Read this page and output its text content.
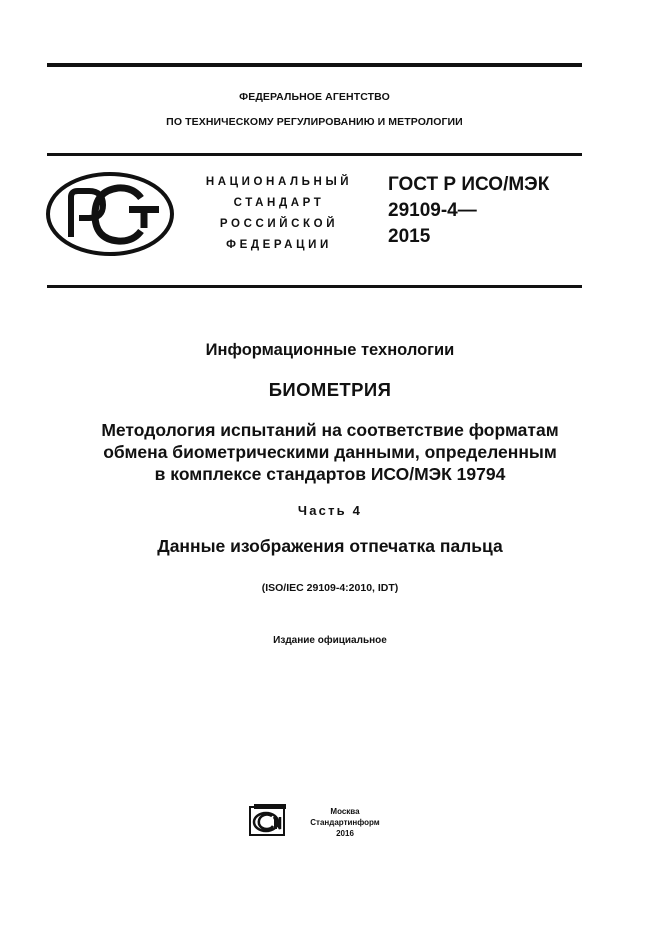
ФЕДЕРАЛЬНОЕ АГЕНТСТВО
ПО ТЕХНИЧЕСКОМУ РЕГУЛИРОВАНИЮ И МЕТРОЛОГИИ
НАЦИОНАЛЬНЫЙ
СТАНДАРТ
РОССИЙСКОЙ
ФЕДЕРАЦИИ
ГОСТ Р ИСО/МЭК
29109-4—
2015
Информационные технологии
БИОМЕТРИЯ
Методология испытаний на соответствие форматам
обмена биометрическими данными, определенным
в комплексе стандартов ИСО/МЭК 19794
Часть 4
Данные изображения отпечатка пальца
(ISO/IEC 29109-4:2010, IDT)
Издание официальное
Москва
Стандартинформ
2016
